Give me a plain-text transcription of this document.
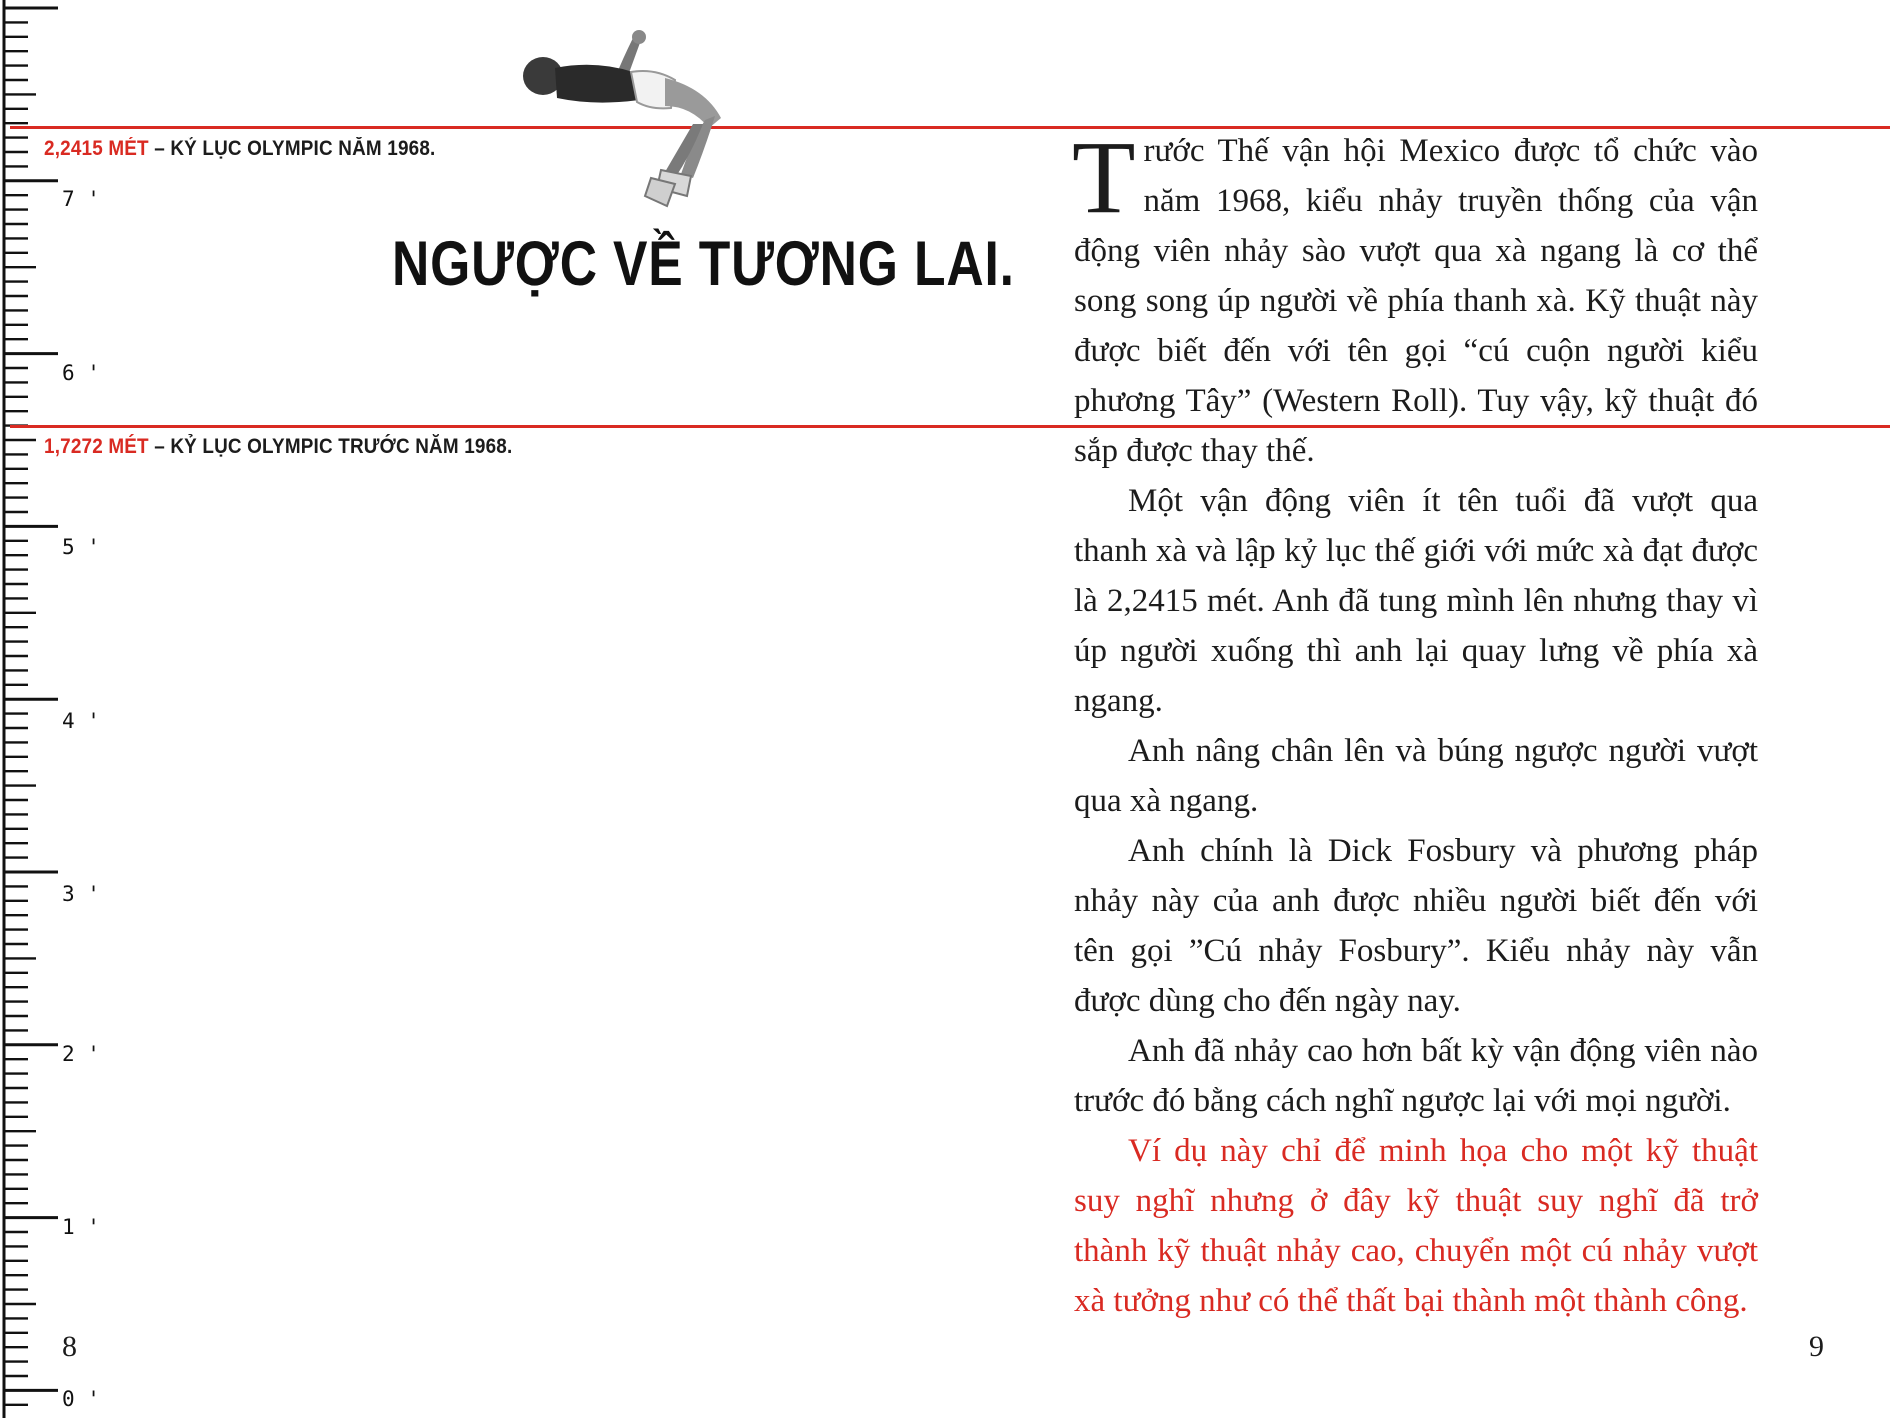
7 '
6 '
5 '
4 '
3 '
2 '
1 '
0 '
2,2415 MÉT – KỶ LỤC OLYMPIC NĂM 1968.
1,7272 MÉT – KỶ LỤC OLYMPIC TRƯỚC NĂM 1968.
NGƯỢC VỀ TƯƠNG LAI.

Trước Thế vận hội Mexico được tổ chức vào năm 1968, kiểu nhảy truyền thống của vận động viên nhảy sào vượt qua xà ngang là cơ thể song song úp người về phía thanh xà. Kỹ thuật này được biết đến với tên gọi “cú cuộn người kiểu phương Tây” (Western Roll). Tuy vậy, kỹ thuật đó sắp được thay thế.

Một vận động viên ít tên tuổi đã vượt qua thanh xà và lập kỷ lục thế giới với mức xà đạt được là 2,2415 mét. Anh đã tung mình lên nhưng thay vì úp người xuống thì anh lại quay lưng về phía xà ngang.

Anh nâng chân lên và búng ngược người vượt qua xà ngang.

Anh chính là Dick Fosbury và phương pháp nhảy này của anh được nhiều người biết đến với tên gọi ”Cú nhảy Fosbury”. Kiểu nhảy này vẫn được dùng cho đến ngày nay.

Anh đã nhảy cao hơn bất kỳ vận động viên nào trước đó bằng cách nghĩ ngược lại với mọi người.

Ví dụ này chỉ để minh họa cho một kỹ thuật suy nghĩ nhưng ở đây kỹ thuật suy nghĩ đã trở thành kỹ thuật nhảy cao, chuyển một cú nhảy vượt xà tưởng như có thể thất bại thành một thành công.

8	9
